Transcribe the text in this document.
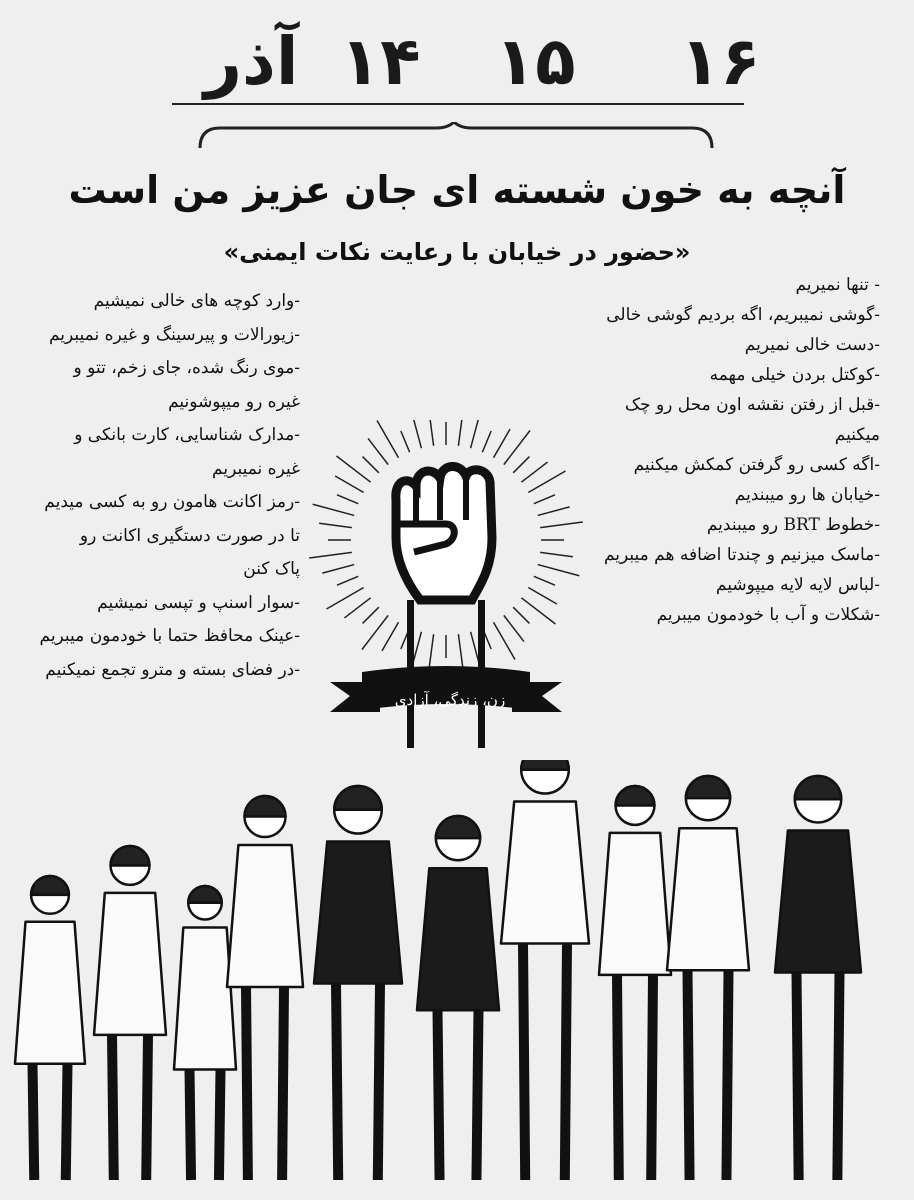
۱۶
۱۵
۱۴
آذر
آنچه به خون شسته ای جان عزیز من است
«حضور در خیابان با رعایت نکات ایمنی»
- تنها نمیریم
-گوشی نمیبریم، اگه بردیم گوشی خالی
-دست خالی نمیریم
-کوکتل بردن خیلی مهمه
-قبل از رفتن نقشه اون محل رو چک
میکنیم
-اگه کسی رو گرفتن کمکش میکنیم
-خیابان ها رو میبندیم
-خطوط BRT رو میبندیم
-ماسک میزنیم و چندتا اضافه هم میبریم
-لباس لایه لایه میپوشیم
-شکلات و آب با خودمون میبریم
-وارد کوچه های خالی نمیشیم
-زیورالات و پیرسینگ و غیره نمیبریم
-موی رنگ شده، جای زخم، تتو و
غیره رو میپوشونیم
-مدارک شناسایی، کارت بانکی و
غیره نمیبریم
-رمز اکانت هامون رو به کسی میدیم
تا در صورت دستگیری اکانت رو
پاک کنن
-سوار اسنپ و تپسی نمیشیم
-عینک محافظ حتما با خودمون میبریم
-در فضای بسته و مترو تجمع نمیکنیم
زن، زندگی، آزادی
